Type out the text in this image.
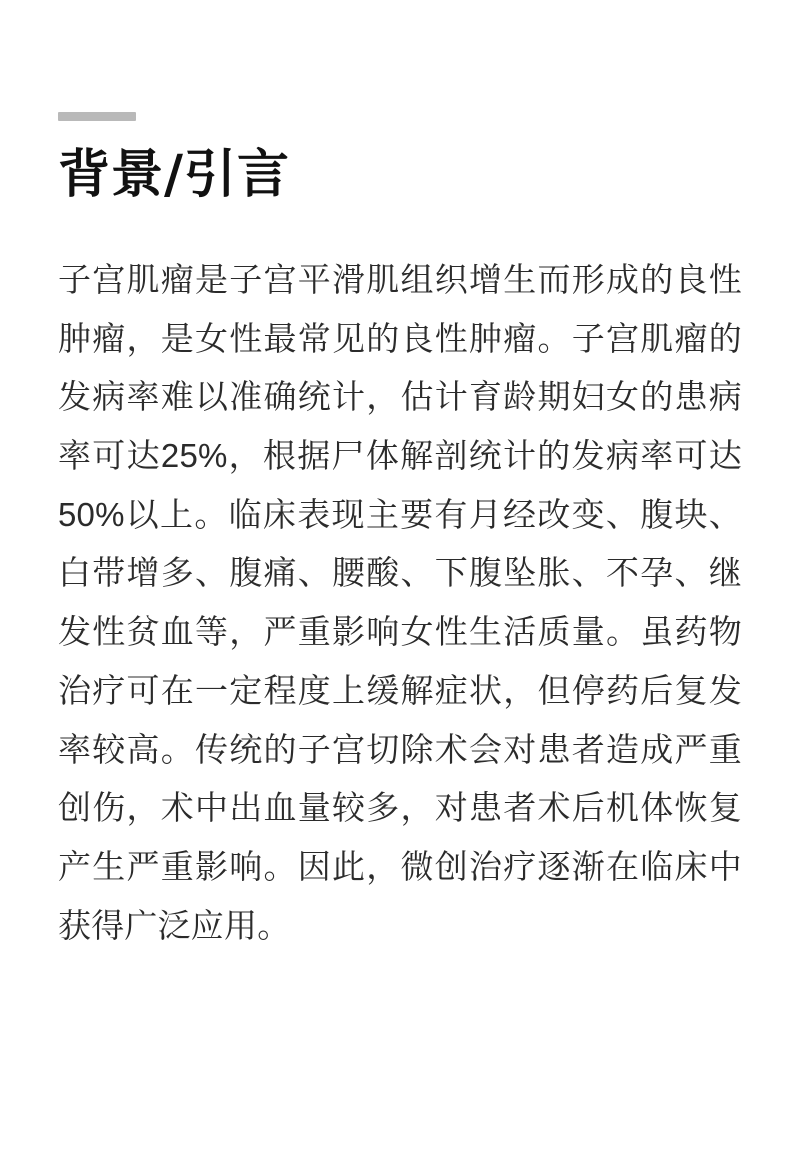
背景/引言

子宫肌瘤是子宫平滑肌组织增生而形成的良性肿瘤，是女性最常见的良性肿瘤。子宫肌瘤的发病率难以准确统计，估计育龄期妇女的患病率可达25%，根据尸体解剖统计的发病率可达50%以上。临床表现主要有月经改变、腹块、白带增多、腹痛、腰酸、下腹坠胀、不孕、继发性贫血等，严重影响女性生活质量。虽药物治疗可在一定程度上缓解症状，但停药后复发率较高。传统的子宫切除术会对患者造成严重创伤，术中出血量较多，对患者术后机体恢复产生严重影响。因此，微创治疗逐渐在临床中获得广泛应用。
